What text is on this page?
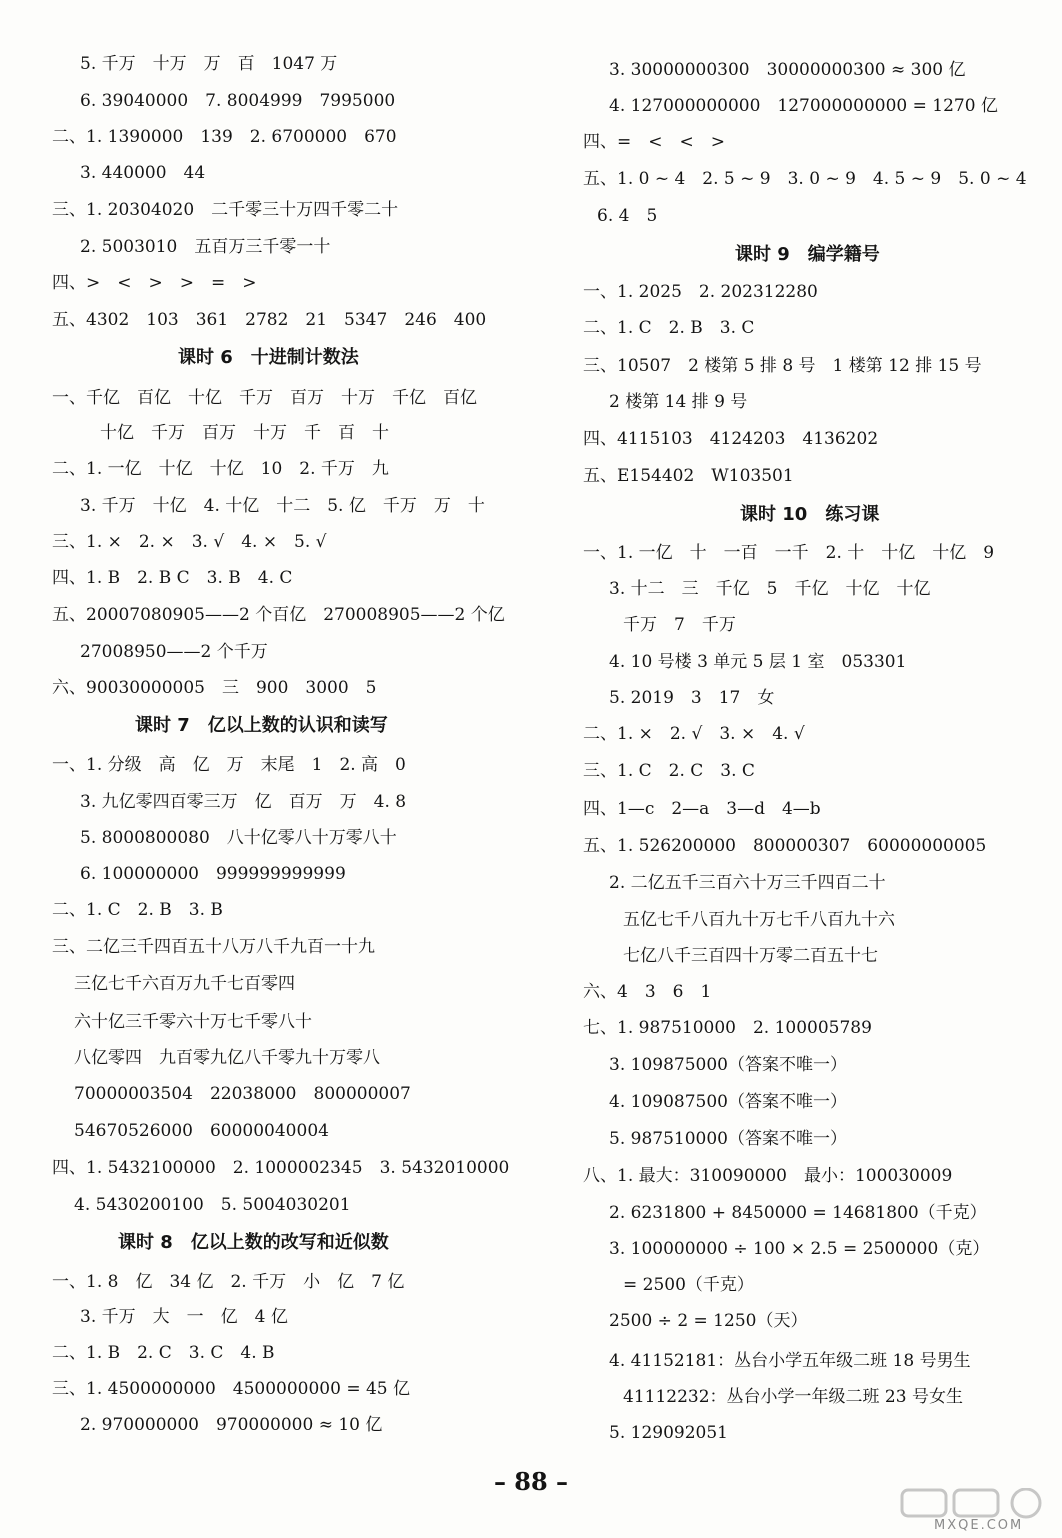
5. 千万　十万　万　百　1047 万
6. 39040000　7. 8004999　7995000
二、1. 1390000　139　2. 6700000　670
3. 440000　44
三、1. 20304020　二千零三十万四千零二十
2. 5003010　五百万三千零一十
四、>　<　>　>　=　>
五、4302　103　361　2782　21　5347　246　400
课时 6　十进制计数法
一、千亿　百亿　十亿　千万　百万　十万　千亿　百亿
十亿　千万　百万　十万　千　百　十
二、1. 一亿　十亿　十亿　10　2. 千万　九
3. 千万　十亿　4. 十亿　十二　5. 亿　千万　万　十
三、1. ×　2. ×　3. √　4. ×　5. √
四、1. B　2. B C　3. B　4. C
五、20007080905——2 个百亿　270008905——2 个亿
27008950——2 个千万
六、90030000005　三　900　3000　5
课时 7　亿以上数的认识和读写
一、1. 分级　高　亿　万　末尾　1　2. 高　0
3. 九亿零四百零三万　亿　百万　万　4. 8
5. 8000800080　八十亿零八十万零八十
6. 100000000　999999999999
二、1. C　2. B　3. B
三、二亿三千四百五十八万八千九百一十九
三亿七千六百万九千七百零四
六十亿三千零六十万七千零八十
八亿零四　九百零九亿八千零九十万零八
70000003504　22038000　800000007
54670526000　60000040004
四、1. 5432100000　2. 1000002345　3. 5432010000
4. 5430200100　5. 5004030201
课时 8　亿以上数的改写和近似数
一、1. 8　亿　34 亿　2. 千万　小　亿　7 亿
3. 千万　大　一　亿　4 亿
二、1. B　2. C　3. C　4. B
三、1. 4500000000　4500000000 = 45 亿
2. 970000000　970000000 ≈ 10 亿
3. 30000000300　30000000300 ≈ 300 亿
4. 127000000000　127000000000 = 1270 亿
四、=　<　<　>
五、1. 0 ~ 4　2. 5 ~ 9　3. 0 ~ 9　4. 5 ~ 9　5. 0 ~ 4
6. 4　5
课时 9　编学籍号
一、1. 2025　2. 202312280
二、1. C　2. B　3. C
三、10507　2 楼第 5 排 8 号　1 楼第 12 排 15 号
2 楼第 14 排 9 号
四、4115103　4124203　4136202
五、E154402　W103501
课时 10　练习课
一、1. 一亿　十　一百　一千　2. 十　十亿　十亿　9
3. 十二　三　千亿　5　千亿　十亿　十亿
千万　7　千万
4. 10 号楼 3 单元 5 层 1 室　053301
5. 2019　3　17　女
二、1. ×　2. √　3. ×　4. √
三、1. C　2. C　3. C
四、1—c　2—a　3—d　4—b
五、1. 526200000　800000307　60000000005
2. 二亿五千三百六十万三千四百二十
五亿七千八百九十万七千八百九十六
七亿八千三百四十万零二百五十七
六、4　3　6　1
七、1. 987510000　2. 100005789
3. 109875000（答案不唯一）
4. 109087500（答案不唯一）
5. 987510000（答案不唯一）
八、1. 最大：310090000　最小：100030009
2. 6231800 + 8450000 = 14681800（千克）
3. 100000000 ÷ 100 × 2.5 = 2500000（克）
= 2500（千克）
2500 ÷ 2 = 1250（天）
4. 41152181：丛台小学五年级二班 18 号男生
41112232：丛台小学一年级二班 23 号女生
5. 129092051
– 88 –
MXQE.COM
